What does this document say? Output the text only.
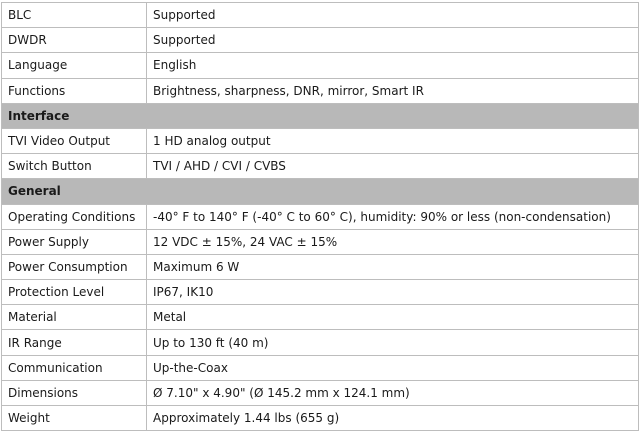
BLC	Supported
DWDR	Supported
Language	English
Functions	Brightness, sharpness, DNR, mirror, Smart IR
Interface	
TVI Video Output	1 HD analog output
Switch Button	TVI / AHD / CVI / CVBS
General	
Operating Conditions	-40° F to 140° F (-40° C to 60° C), humidity: 90% or less (non-condensation)
Power Supply	12 VDC ± 15%, 24 VAC ± 15%
Power Consumption	Maximum 6 W
Protection Level	IP67, IK10
Material	Metal
IR Range	Up to 130 ft (40 m)
Communication	Up-the-Coax
Dimensions	Ø 7.10" x 4.90" (Ø 145.2 mm x 124.1 mm)
Weight	Approximately 1.44 lbs (655 g)
